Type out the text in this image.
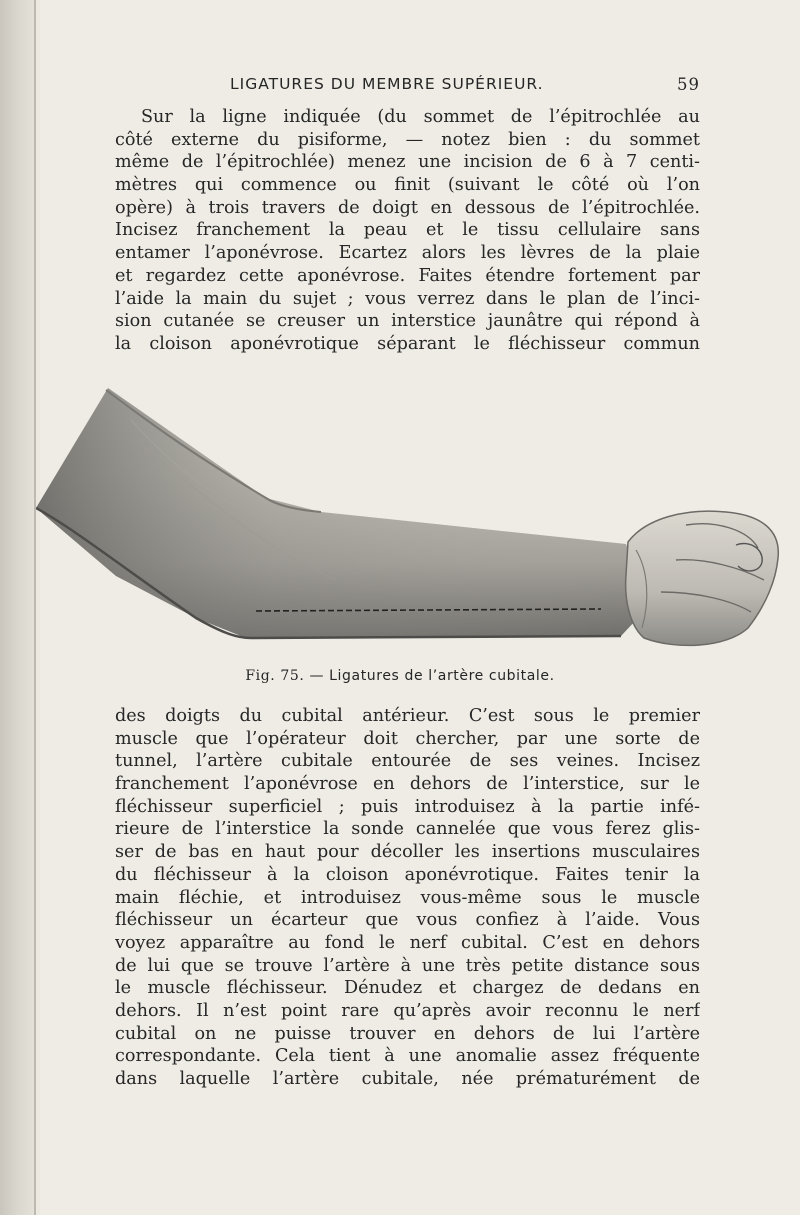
LIGATURES DU MEMBRE SUPÉRIEUR.	59
Sur la ligne indiquée (du sommet de l’épitrochlée au
côté externe du pisiforme, — notez bien : du sommet
même de l’épitrochlée) menez une incision de 6 à 7 centi-
mètres qui commence ou finit (suivant le côté où l’on
opère) à trois travers de doigt en dessous de l’épitrochlée.
Incisez franchement la peau et le tissu cellulaire sans
entamer l’aponévrose. Ecartez alors les lèvres de la plaie
et regardez cette aponévrose. Faites étendre fortement par
l’aide la main du sujet ; vous verrez dans le plan de l’inci-
sion cutanée se creuser un interstice jaunâtre qui répond à
la cloison aponévrotique séparant le fléchisseur commun
Fig. 75. — Ligatures de l’artère cubitale.
des doigts du cubital antérieur. C’est sous le premier
muscle que l’opérateur doit chercher, par une sorte de
tunnel, l’artère cubitale entourée de ses veines. Incisez
franchement l’aponévrose en dehors de l’interstice, sur le
fléchisseur superficiel ; puis introduisez à la partie infé-
rieure de l’interstice la sonde cannelée que vous ferez glis-
ser de bas en haut pour décoller les insertions musculaires
du fléchisseur à la cloison aponévrotique. Faites tenir la
main fléchie, et introduisez vous-même sous le muscle
fléchisseur un écarteur que vous confiez à l’aide. Vous
voyez apparaître au fond le nerf cubital. C’est en dehors
de lui que se trouve l’artère à une très petite distance sous
le muscle fléchisseur. Dénudez et chargez de dedans en
dehors. Il n’est point rare qu’après avoir reconnu le nerf
cubital on ne puisse trouver en dehors de lui l’artère
correspondante. Cela tient à une anomalie assez fréquente
dans laquelle l’artère cubitale, née prématurément de
